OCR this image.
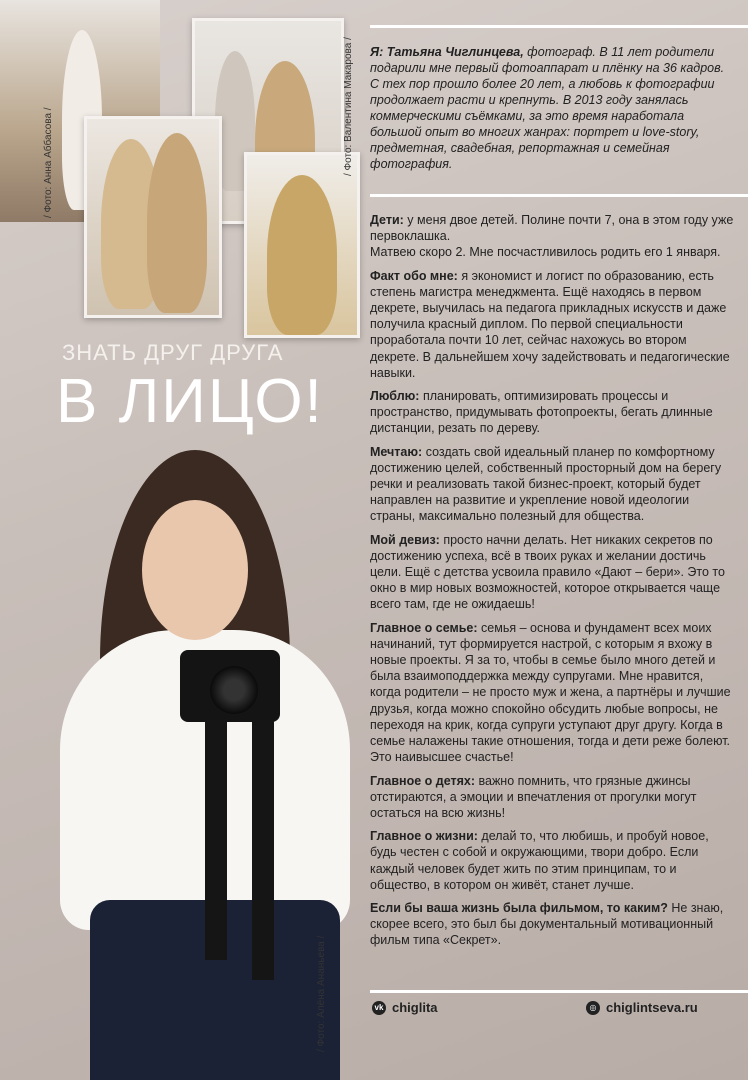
/ Фото: Анна Аббасова /	/ Фото: Валентина Макарова /
ЗНАТЬ ДРУГ ДРУГА
В ЛИЦО!
/ Фото: Алёна Ананьева /
Я: Татьяна Чиглинцева, фотограф. В 11 лет родители подарили мне первый фотоаппарат и плёнку на 36 кадров. С тех пор прошло более 20 лет, а любовь к фотографии продолжает расти и крепнуть. В 2013 году занялась коммерческими съёмками, за это время наработала большой опыт во многих жанрах: портрет и love-story, предметная, свадебная, репортажная и семейная фотография.

Дети: у меня двое детей. Полине почти 7, она в этом году уже первоклашка.
Матвею скоро 2. Мне посчастливилось родить его 1 января.

Факт обо мне: я экономист и логист по образованию, есть степень магистра менеджмента. Ещё находясь в первом декрете, выучилась на педагога прикладных искусств и даже получила красный диплом. По первой специальности проработала почти 10 лет, сейчас нахожусь во втором декрете. В дальнейшем хочу задействовать и педагогические навыки.

Люблю: планировать, оптимизировать процессы и пространство, придумывать фотопроекты, бегать длинные дистанции, резать по дереву.

Мечтаю: создать свой идеальный планер по комфортному достижению целей, собственный просторный дом на берегу речки и реализовать такой бизнес-проект, который будет направлен на развитие и укрепление новой идеологии страны, максимально полезный для общества.

Мой девиз: просто начни делать. Нет никаких секретов по достижению успеха, всё в твоих руках и желании достичь цели. Ещё с детства усвоила правило «Дают – бери». Это то окно в мир новых возможностей, которое открывается чаще всего там, где не ожидаешь!

Главное о семье: семья – основа и фундамент всех моих начинаний, тут формируется настрой, с которым я вхожу в новые проекты. Я за то, чтобы в семье было много детей и была взаимоподдержка между супругами. Мне нравится, когда родители – не просто муж и жена, а партнёры и лучшие друзья, когда можно спокойно обсудить любые вопросы, не переходя на крик, когда супруги уступают друг другу. Когда в семье налажены такие отношения, тогда и дети реже болеют. Это наивысшее счастье!

Главное о детях: важно помнить, что грязные джинсы отстираются, а эмоции и впечатления от прогулки могут остаться на всю жизнь!

Главное о жизни: делай то, что любишь, и пробуй новое, будь честен с собой и окружающими, твори добро. Если каждый человек будет жить по этим принципам, то и общество, в котором он живёт, станет лучше.

Если бы ваша жизнь была фильмом, то каким? Не знаю, скорее всего, это был бы документальный мотивационный фильм типа «Секрет».

vk chiglita	◎ chiglintseva.ru
